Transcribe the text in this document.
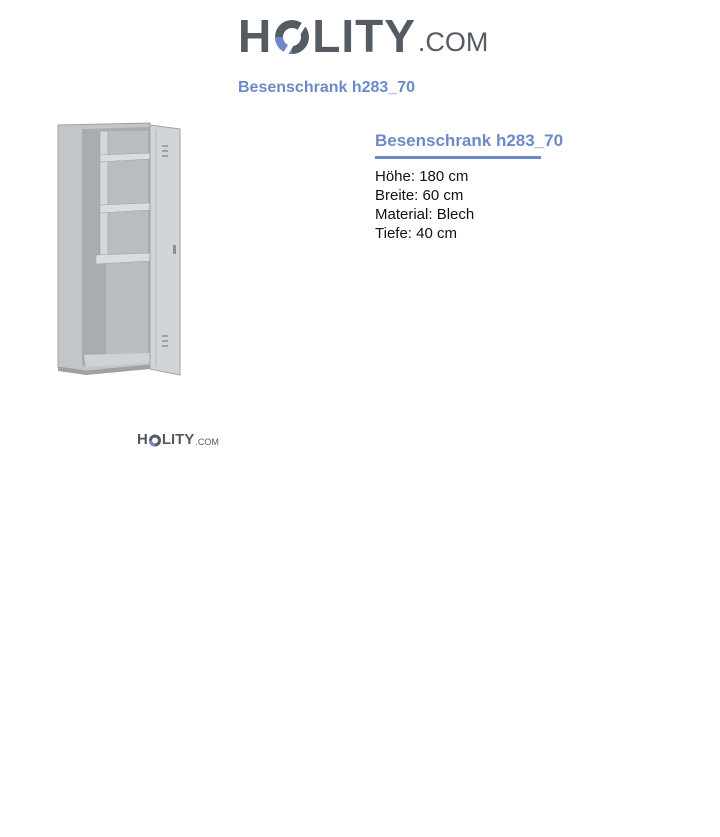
H LITY .COM
Besenschrank h283_70
H LITY .COM
Besenschrank h283_70
Höhe: 180 cm
Breite: 60 cm
Material: Blech
Tiefe: 40 cm
